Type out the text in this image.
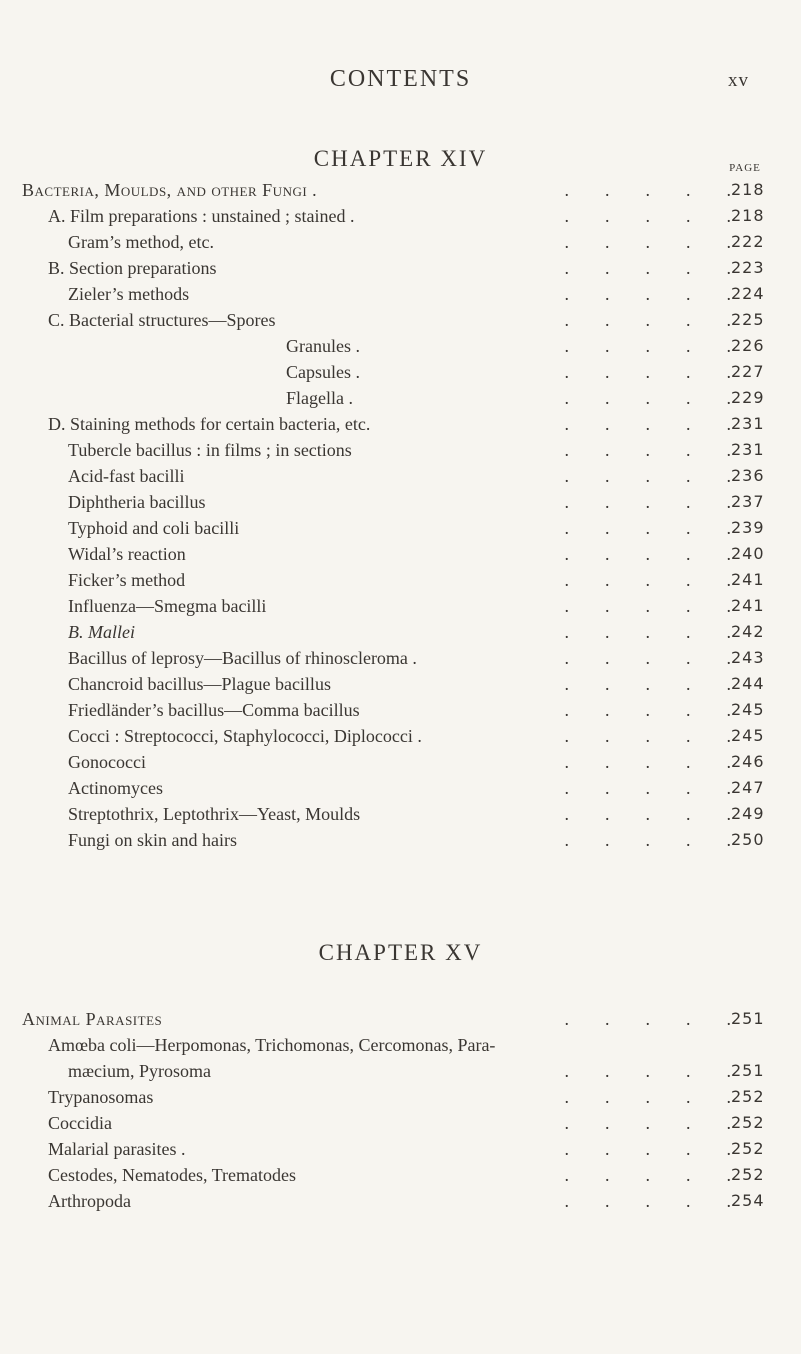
CONTENTS	xv
CHAPTER XIV	PAGE
Bacteria, Moulds, and other Fungi .	.  .  .  .  . 218
A. Film preparations : unstained ; stained .	.  .  .  .  . 218
Gram’s method, etc.	.  .  .  .  . 222
B. Section preparations	.  .  .  .  . 223
Zieler’s methods	.  .  .  .  . 224
C. Bacterial structures—Spores	.  .  .  .  . 225
Granules .	.  .  .  .  . 226
Capsules .	.  .  .  .  . 227
Flagella .	.  .  .  .  . 229
D. Staining methods for certain bacteria, etc.	.  .  .  .  . 231
Tubercle bacillus : in films ; in sections	.  .  .  .  . 231
Acid-fast bacilli	.  .  .  .  . 236
Diphtheria bacillus	.  .  .  .  . 237
Typhoid and coli bacilli	.  .  .  .  . 239
Widal’s reaction	.  .  .  .  . 240
Ficker’s method	.  .  .  .  . 241
Influenza—Smegma bacilli	.  .  .  .  . 241
B. Mallei	.  .  .  .  . 242
Bacillus of leprosy—Bacillus of rhinoscleroma .	.  .  .  .  . 243
Chancroid bacillus—Plague bacillus	.  .  .  .  . 244
Friedländer’s bacillus—Comma bacillus	.  .  .  .  . 245
Cocci : Streptococci, Staphylococci, Diplococci .	.  .  .  .  . 245
Gonococci	.  .  .  .  . 246
Actinomyces	.  .  .  .  . 247
Streptothrix, Leptothrix—Yeast, Moulds	.  .  .  .  . 249
Fungi on skin and hairs	.  .  .  .  . 250
CHAPTER XV
Animal Parasites	.  .  .  .  . 251
Amœba coli—Herpomonas, Trichomonas, Cercomonas, Para-
mæcium, Pyrosoma	.  .  .  .  . 251
Trypanosomas	.  .  .  .  . 252
Coccidia	.  .  .  .  . 252
Malarial parasites .	.  .  .  .  . 252
Cestodes, Nematodes, Trematodes	.  .  .  .  . 252
Arthropoda	.  .  .  .  . 254
